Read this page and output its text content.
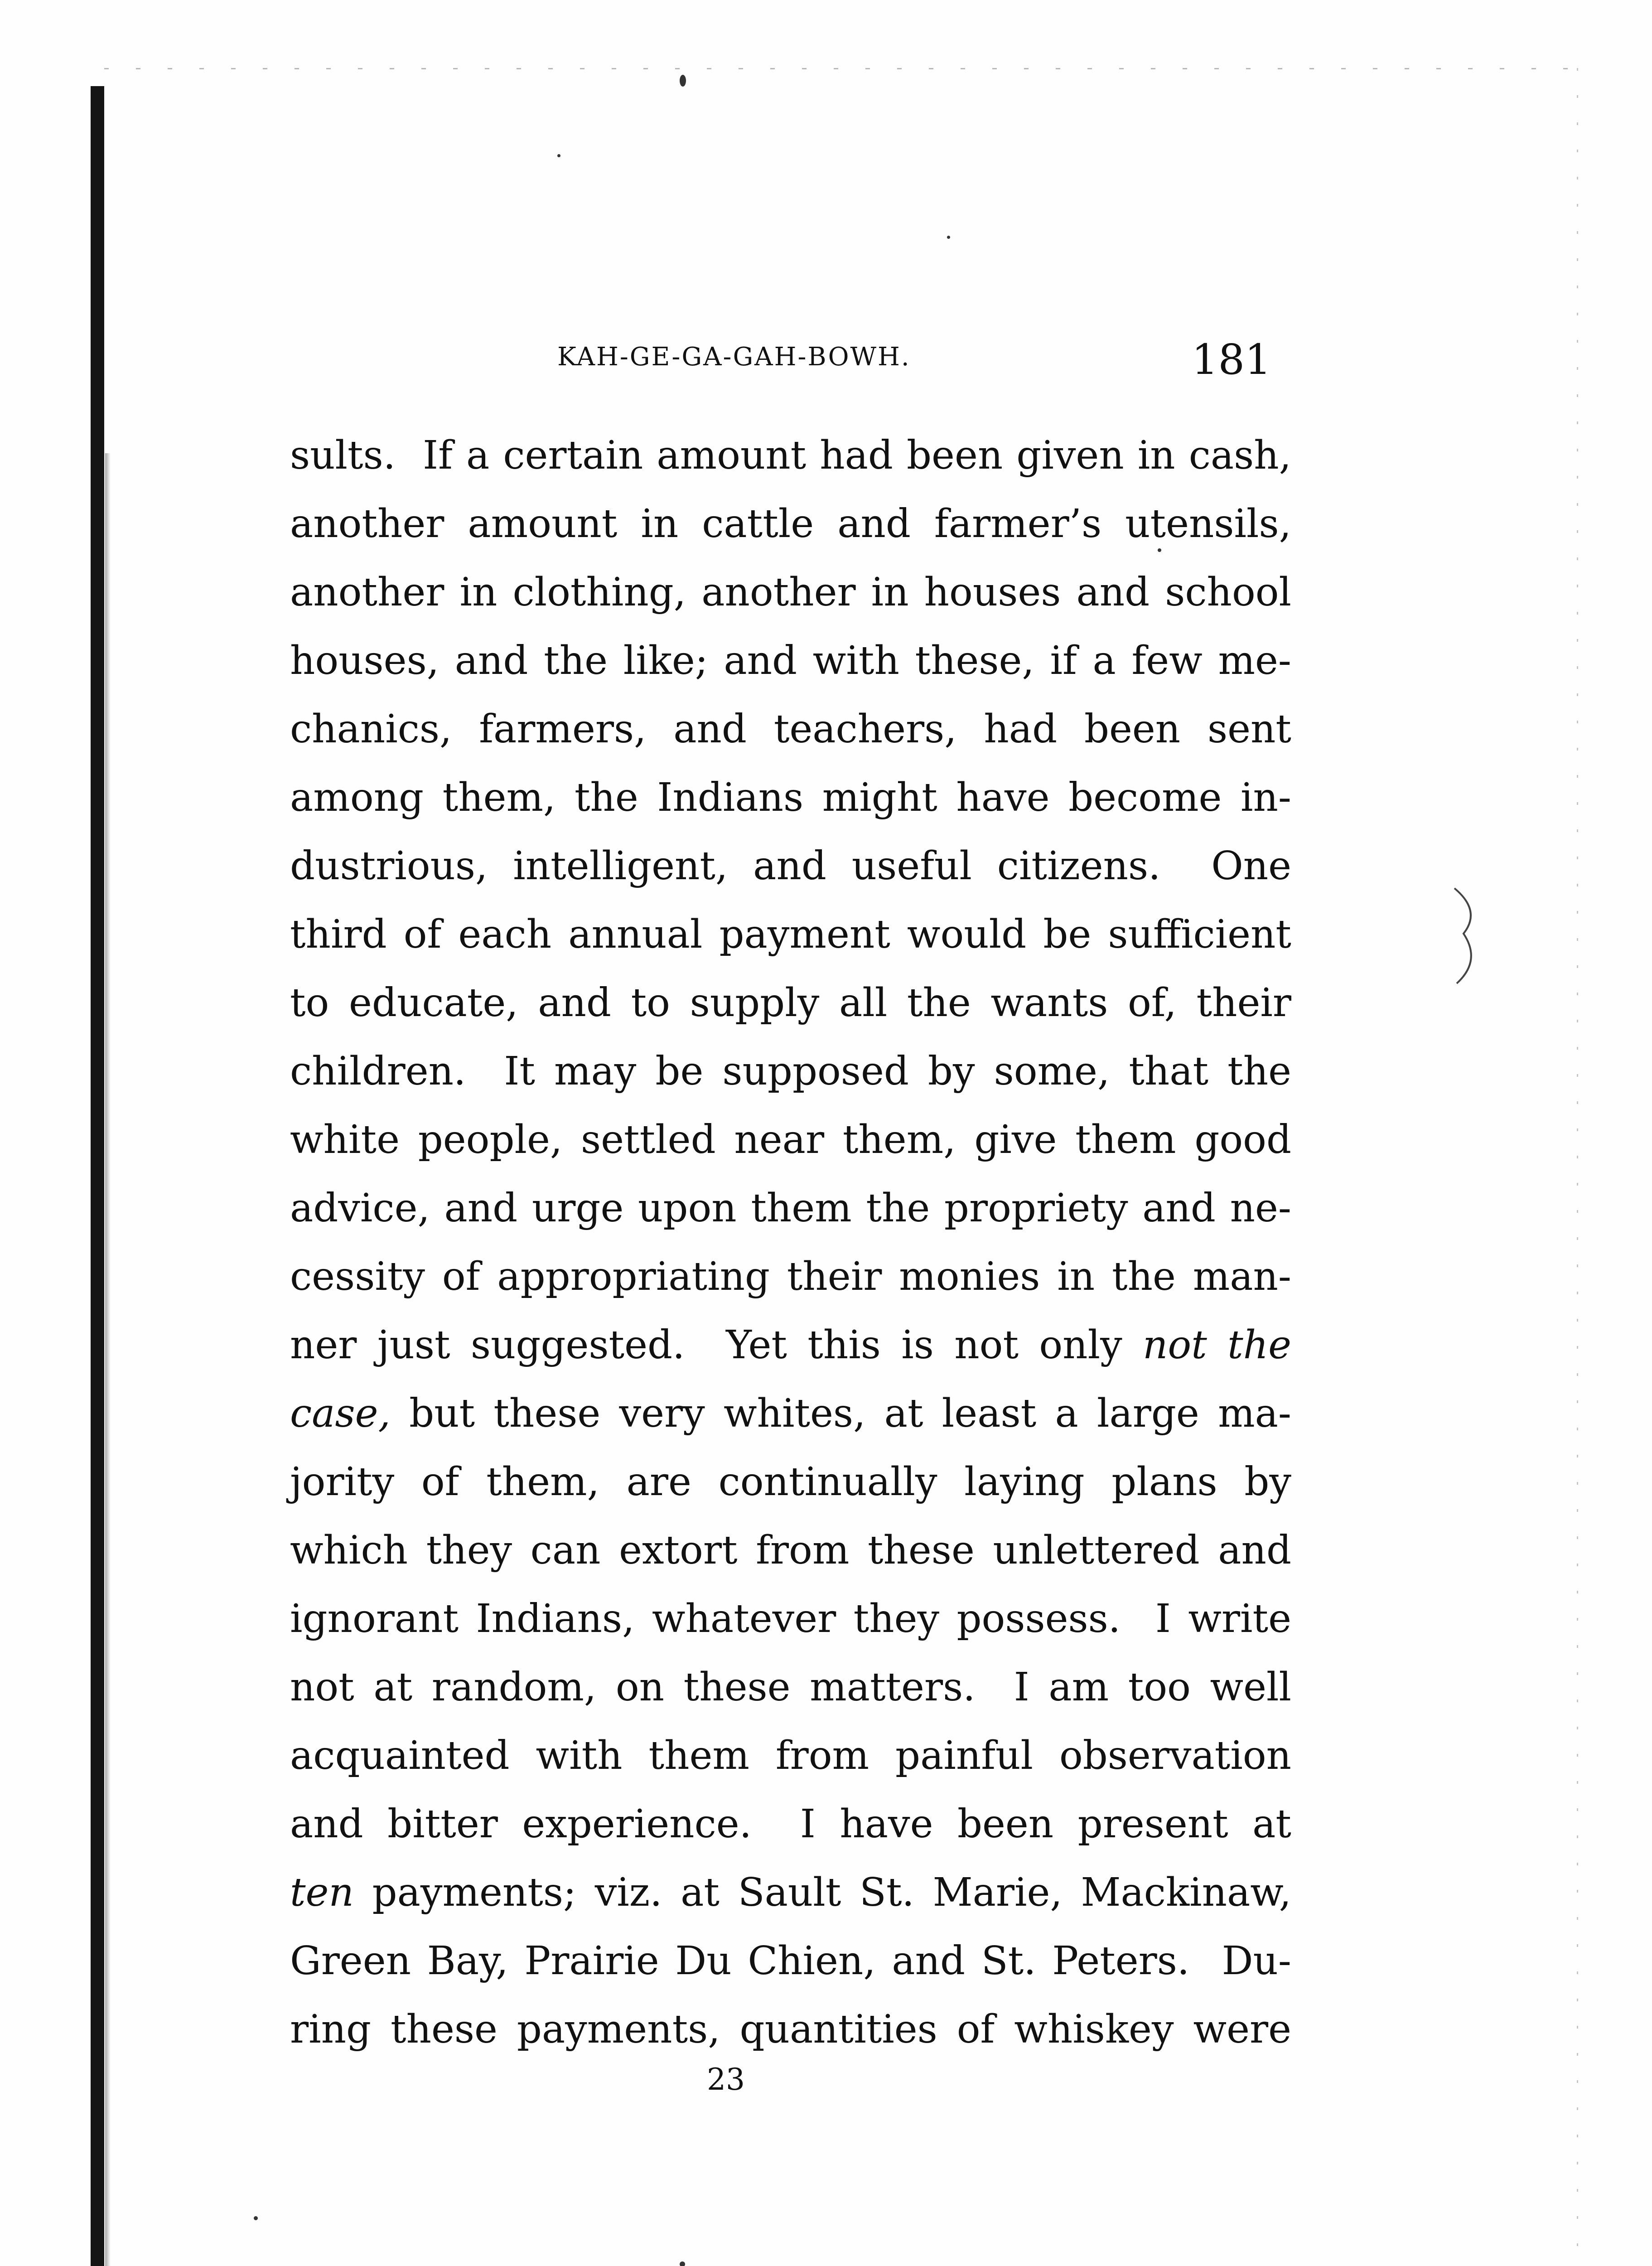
KAH-GE-GA-GAH-BOWH.	181
sults.  If a certain amount had been given in cash,
another amount in cattle and farmer’s utensils,
another in clothing, another in houses and school
houses, and the like; and with these, if a few me-
chanics, farmers, and teachers, had been sent
among them, the Indians might have become in-
dustrious, intelligent, and useful citizens.  One
third of each annual payment would be sufficient
to educate, and to supply all the wants of, their
children.  It may be supposed by some, that the
white people, settled near them, give them good
advice, and urge upon them the propriety and ne-
cessity of appropriating their monies in the man-
ner just suggested.  Yet this is not only not the
case, but these very whites, at least a large ma-
jority of them, are continually laying plans by
which they can extort from these unlettered and
ignorant Indians, whatever they possess.  I write
not at random, on these matters.  I am too well
acquainted with them from painful observation
and bitter experience.  I have been present at
ten payments; viz. at Sault St. Marie, Mackinaw,
Green Bay, Prairie Du Chien, and St. Peters.  Du-
ring these payments, quantities of whiskey were
23
